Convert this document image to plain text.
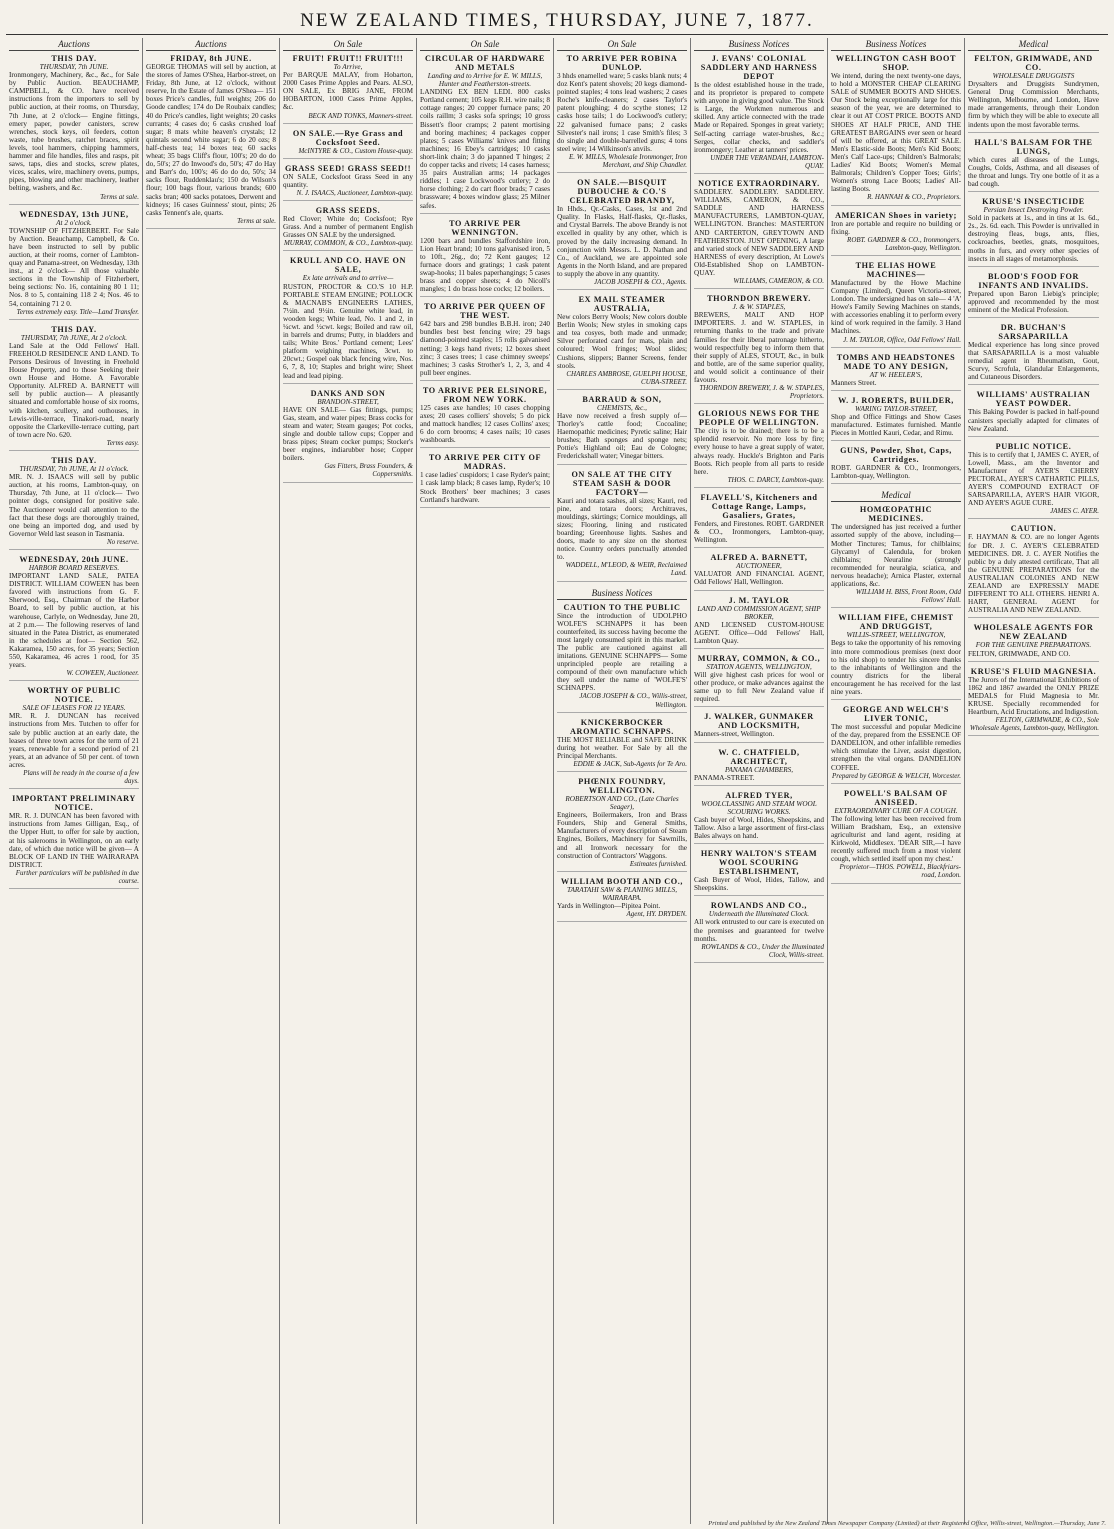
NEW ZEALAND TIMES, THURSDAY, JUNE 7, 1877.
Auctions
THIS DAY.
THURSDAY, 7th JUNE.
Ironmongery, Machinery, &c., &c., for Sale by Public Auction. BEAUCHAMP, CAMPBELL, & CO. have received instructions from the importers to sell by public auction, at their rooms, on Thursday, 7th June, at 2 o'clock— Engine fittings, emery paper, powder canisters, screw wrenches, stock keys, oil feeders, cotton waste, tube brushes, ratchet braces, spirit levels, tool hammers, chipping hammers, hammer and file handles, files and rasps, pit saws, taps, dies and stocks, screw plates, vices, scales, wire, machinery ovens, pumps, pipes, blowing and other machinery, leather belting, washers, and &c.
Terms at sale.
WEDNESDAY, 13th JUNE,
At 2 o'clock.
TOWNSHIP OF FITZHERBERT. For Sale by Auction. Beauchamp, Campbell, & Co. have been instructed to sell by public auction, at their rooms, corner of Lambton-quay and Panama-street, on Wednesday, 13th inst., at 2 o'clock— All those valuable sections in the Township of Fitzherbert, being sections: No. 16, containing 80 1 11; Nos. 8 to 5, containing 118 2 4; Nos. 46 to 54, containing 71 2 0.
Terms extremely easy. Title—Land Transfer.
THIS DAY.
THURSDAY, 7th JUNE, At 2 o'clock.
Land Sale at the Odd Fellows' Hall. FREEHOLD RESIDENCE AND LAND. To Persons Desirous of Investing in Freehold House Property, and to those Seeking their own House and Home. A Favorable Opportunity. ALFRED A. BARNETT will sell by public auction— A pleasantly situated and comfortable house of six rooms, with kitchen, scullery, and outhouses, in Lewis-ville-terrace, Tinakori-road, nearly opposite the Clarkeville-terrace cutting, part of town acre No. 620.
Terms easy.
THIS DAY.
THURSDAY, 7th JUNE, At 11 o'clock.
MR. N. J. ISAACS will sell by public auction, at his rooms, Lambton-quay, on Thursday, 7th June, at 11 o'clock— Two pointer dogs, consigned for positive sale. The Auctioneer would call attention to the fact that these dogs are thoroughly trained, one being an imported dog, and used by Governor Weld last season in Tasmania.
No reserve.
WEDNESDAY, 20th JUNE.
HARBOR BOARD RESERVES.
IMPORTANT LAND SALE, PATEA DISTRICT. WILLIAM COWEEN has been favored with instructions from G. F. Sherwood, Esq., Chairman of the Harbor Board, to sell by public auction, at his warehouse, Carlyle, on Wednesday, June 20, at 2 p.m.— The following reserves of land situated in the Patea District, as enumerated in the schedules at foot— Section 562, Kakaramea, 150 acres, for 35 years; Section 550, Kakaramea, 46 acres 1 rood, for 35 years.
W. COWEEN, Auctioneer.
WORTHY OF PUBLIC NOTICE.
SALE OF LEASES FOR 12 YEARS.
MR. R. J. DUNCAN has received instructions from Mrs. Tutchen to offer for sale by public auction at an early date, the leases of three town acres for the term of 21 years, renewable for a second period of 21 years, at an advance of 50 per cent. of town acres.
Plans will be ready in the course of a few days.
IMPORTANT PRELIMINARY NOTICE.
MR. R. J. DUNCAN has been favored with instructions from James Gilligan, Esq., of the Upper Hutt, to offer for sale by auction, at his salerooms in Wellington, on an early date, of which due notice will be given— A BLOCK OF LAND IN THE WAIRARAPA DISTRICT.
Further particulars will be published in due course.
Auctions
FRIDAY, 8th JUNE.
GEORGE THOMAS will sell by auction, at the stores of James O'Shea, Harbor-street, on Friday, 8th June, at 12 o'clock, without reserve, In the Estate of James O'Shea— 151 boxes Price's candles, full weights; 206 do Goode candles; 174 do De Roubaix candles; 40 do Price's candles, light weights; 20 casks currants; 4 cases do; 6 casks crushed loaf sugar; 8 mats white heaven's crystals; 12 quintals second white sugar; 6 do 20 ozs; 8 half-chests tea; 14 boxes tea; 60 sacks wheat; 35 bags Cliff's flour, 100's; 20 do do do, 50's; 27 do Inwood's do, 50's; 47 do Hay and Barr's do, 100's; 46 do do do, 50's; 34 sacks flour, Ruddenklau's; 150 do Wilson's flour; 100 bags flour, various brands; 600 sacks bran; 400 sacks potatoes, Derwent and kidneys; 16 cases Guinness' stout, pints; 26 casks Tennent's ale, quarts.
Terms at sale.
On Sale
FRUIT! FRUIT!! FRUIT!!!
To Arrive,
Per BARQUE MALAY, from Hobarton, 2000 Cases Prime Apples and Pears. ALSO, ON SALE, Ex BRIG JANE, FROM HOBARTON, 1000 Cases Prime Apples, &c.
BECK AND TONKS, Manners-street.
ON SALE.—Rye Grass and Cocksfoot Seed.
McINTYRE & CO., Custom House-quay.
GRASS SEED! GRASS SEED!!
ON SALE, Cocksfoot Grass Seed in any quantity.
N. J. ISAACS, Auctioneer, Lambton-quay.
GRASS SEEDS.
Red Clover; White do; Cocksfoot; Rye Grass. And a number of permanent English Grasses ON SALE by the undersigned.
MURRAY, COMMON, & CO., Lambton-quay.
KRULL AND CO. HAVE ON SALE,
Ex late arrivals and to arrive—
RUSTON, PROCTOR & CO.'S 10 H.P. PORTABLE STEAM ENGINE; POLLOCK & MACNAB'S ENGINEERS LATHES, 7½in. and 9½in. Genuine white lead, in wooden kegs; White lead, No. 1 and 2, in ¼cwt. and ½cwt. kegs; Boiled and raw oil, in barrels and drums; Putty, in bladders and tails; White Bros.' Portland cement; Lees' platform weighing machines, 3cwt. to 20cwt.; Gospel oak black fencing wire, Nos. 6, 7, 8, 10; Staples and bright wire; Sheet lead and lead piping.
DANKS AND SON
BRANDON-STREET,
HAVE ON SALE— Gas fittings, pumps; Gas, steam, and water pipes; Brass cocks for steam and water; Steam gauges; Pot cocks, single and double tallow cups; Copper and brass pipes; Steam cocker pumps; Stocker's beer engines, indiarubber hose; Copper boilers.
Gas Fitters, Brass Founders, & Coppersmiths.
On Sale
CIRCULAR OF HARDWARE AND METALS
Landing and to Arrive for E. W. MILLS, Hunter and Featherston-streets.
LANDING EX BEN LEDI. 800 casks Portland cement; 105 kegs R.H. wire nails; 8 cottage ranges; 20 copper furnace pans; 20 coils raillm; 3 casks sofa springs; 10 gross Bissett's floor cramps; 2 patent mortising and boring machines; 4 packages copper plates; 5 cases Williams' knives and fitting machines; 16 Ebey's cartridges; 10 casks short-link chain; 3 do japanned T hinges; 2 do copper tacks and rivets; 14 cases harness; 35 pairs Australian arms; 14 packages riddles; 1 case Lockwood's cutlery; 2 do horse clothing; 2 do cart floor brads; 7 cases brassware; 4 boxes window glass; 25 Milner safes.
TO ARRIVE PER WENNINGTON.
1200 bars and bundles Staffordshire iron, Lion Heart brand; 10 tons galvanised iron, 5 to 10ft., 26g., do; 72 Kent gauges; 12 furnace doors and gratings; 1 cask patent swap-hooks; 11 bales paperhangings; 5 cases brass and copper sheets; 4 do Nicoll's mangles; 1 do brass hose cocks; 12 boilers.
TO ARRIVE PER QUEEN OF THE WEST.
642 bars and 298 bundles B.B.H. iron; 240 bundles best best fencing wire; 29 bags diamond-pointed staples; 15 rolls galvanised netting; 3 kegs hand rivets; 12 boxes sheet zinc; 3 cases trees; 1 case chimney sweeps' machines; 3 casks Strother's 1, 2, 3, and 4 pull beer engines.
TO ARRIVE PER ELSINORE, FROM NEW YORK.
125 cases axe handles; 10 cases chopping axes; 20 cases colliers' shovels; 5 do pick and mattock handles; 12 cases Collins' axes; 6 do corn brooms; 4 cases nails; 10 cases washboards.
TO ARRIVE PER CITY OF MADRAS.
1 case ladies' cuspidors; 1 case Ryder's paint; 1 cask lamp black; 8 cases lamp, Ryder's; 10 Stock Brothers' beer machines; 3 cases Cortland's hardware.
On Sale
TO ARRIVE PER ROBINA DUNLOP.
3 hhds enamelled ware; 5 casks blank nuts; 4 doz Kent's patent shovels; 20 kegs diamond-pointed staples; 4 tons lead washers; 2 cases Roche's knife-cleaners; 2 cases Taylor's patent ploughing; 4 do scythe stones; 12 casks hose tails; 1 do Lockwood's cutlery; 22 galvanised furnace pans; 2 casks Silvester's nail irons; 1 case Smith's files; 3 do single and double-barrelled guns; 4 tons steel wire; 14 Wilkinson's anvils.
E. W. MILLS, Wholesale Ironmonger, Iron Merchant, and Ship Chandler.
ON SALE.—BISQUIT DUBOUCHE & CO.'S CELEBRATED BRANDY,
In Hhds., Qr.-Casks, Cases, 1st and 2nd Quality. In Flasks, Half-flasks, Qr.-flasks, and Crystal Barrels. The above Brandy is not excelled in quality by any other, which is proved by the daily increasing demand. In conjunction with Messrs. L. D. Nathan and Co., of Auckland, we are appointed sole Agents in the North Island, and are prepared to supply the above in any quantity.
JACOB JOSEPH & CO., Agents.
EX MAIL STEAMER AUSTRALIA,
New colors Berry Wools; New colors double Berlin Wools; New styles in smoking caps and tea cosyes, both made and unmade; Silver perforated card for mats, plain and coloured; Wool fringes; Wool slides; Cushions, slippers; Banner Screens, fender stools.
CHARLES AMBROSE, GUELPH HOUSE, CUBA-STREET.
BARRAUD & SON,
CHEMISTS, &c.,
Have now received a fresh supply of— Thorley's cattle food; Cocoaline; Haemopathic medicines; Pyretic saline; Hair brushes; Bath sponges and sponge nets; Pottie's Highland oil; Eau de Cologne; Frederickshall water; Vinegar bitters.
ON SALE AT THE CITY STEAM SASH & DOOR FACTORY—
Kauri and totara sashes, all sizes; Kauri, red pine, and totara doors; Architraves, mouldings, skirtings; Cornice mouldings, all sizes; Flooring, lining and rusticated boarding; Greenhouse lights. Sashes and doors, made to any size on the shortest notice. Country orders punctually attended to.
WADDELL, M'LEOD, & WEIR, Reclaimed Land.
Business Notices
CAUTION TO THE PUBLIC
Since the introduction of UDOLPHO WOLFE'S SCHNAPPS it has been counterfeited, its success having become the most largely consumed spirit in this market. The public are cautioned against all imitations. GENUINE SCHNAPPS— Some unprincipled people are retailing a compound of their own manufacture which they sell under the name of 'WOLFE'S' SCHNAPPS.
JACOB JOSEPH & CO., Willis-street, Wellington.
KNICKERBOCKER AROMATIC SCHNAPPS.
THE MOST RELIABLE and SAFE DRINK during hot weather. For Sale by all the Principal Merchants.
EDDIE & JACK, Sub-Agents for Te Aro.
PHŒNIX FOUNDRY, WELLINGTON.
ROBERTSON AND CO., (Late Charles Seager),
Engineers, Boilermakers, Iron and Brass Founders, Ship and General Smiths, Manufacturers of every description of Steam Engines, Boilers, Machinery for Sawmills, and all Ironwork necessary for the construction of Contractors' Waggons.
Estimates furnished.
WILLIAM BOOTH AND CO.,
TARATAHI SAW & PLANING MILLS, WAIRARAPA.
Yards in Wellington—Pipitea Point.
Agent, HY. DRYDEN.
Business Notices
J. EVANS' COLONIAL SADDLERY AND HARNESS DEPOT
Is the oldest established house in the trade, and its proprietor is prepared to compete with anyone in giving good value. The Stock is Large, the Workmen numerous and skilled. Any article connected with the trade Made or Repaired. Sponges in great variety; Self-acting carriage water-brushes, &c.; Serges, collar checks, and saddler's ironmongery; Leather at tanners' prices.
UNDER THE VERANDAH, LAMBTON-QUAY.
NOTICE EXTRAORDINARY.
SADDLERY. SADDLERY. SADDLERY. WILLIAMS, CAMERON, & CO., SADDLE AND HARNESS MANUFACTURERS, LAMBTON-QUAY, WELLINGTON. Branches: MASTERTON AND CARTERTON, GREYTOWN AND FEATHERSTON. JUST OPENING, A large and varied stock of NEW SADDLERY AND HARNESS of every description, At Lowe's Old-Established Shop on LAMBTON-QUAY.
WILLIAMS, CAMERON, & CO.
THORNDON BREWERY.
J. & W. STAPLES,
BREWERS, MALT AND HOP IMPORTERS. J. and W. STAPLES, in returning thanks to the trade and private families for their liberal patronage hitherto, would respectfully beg to inform them that their supply of ALES, STOUT, &c., in bulk and bottle, are of the same superior quality, and would solicit a continuance of their favours.
THORNDON BREWERY, J. & W. STAPLES, Proprietors.
GLORIOUS NEWS FOR THE PEOPLE OF WELLINGTON.
The city is to be drained; there is to be a splendid reservoir. No more loss by fire; every house to have a great supply of water, always ready. Huckle's Brighton and Paris Boots. Rich people from all parts to reside here.
THOS. C. DARCY, Lambton-quay.
FLAVELL'S, Kitcheners and Cottage Range, Lamps, Gasaliers, Grates,
Fenders, and Firestones. ROBT. GARDNER & CO., Ironmongers, Lambton-quay, Wellington.
ALFRED A. BARNETT,
AUCTIONEER,
VALUATOR AND FINANCIAL AGENT, Odd Fellows' Hall, Wellington.
J. M. TAYLOR
LAND AND COMMISSION AGENT, SHIP BROKER,
AND LICENSED CUSTOM-HOUSE AGENT. Office—Odd Fellows' Hall, Lambton Quay.
MURRAY, COMMON, & CO.,
STATION AGENTS, WELLINGTON,
Will give highest cash prices for wool or other produce, or make advances against the same up to full New Zealand value if required.
J. WALKER, GUNMAKER AND LOCKSMITH,
Manners-street, Wellington.
W. C. CHATFIELD, ARCHITECT,
PANAMA CHAMBERS,
PANAMA-STREET.
ALFRED TYER,
WOOLCLASSING AND STEAM WOOL SCOURING WORKS.
Cash buyer of Wool, Hides, Sheepskins, and Tallow. Also a large assortment of first-class Bales always on hand.
HENRY WALTON'S STEAM WOOL SCOURING ESTABLISHMENT,
Cash Buyer of Wool, Hides, Tallow, and Sheepskins.
ROWLANDS AND CO.,
Underneath the Illuminated Clock.
All work entrusted to our care is executed on the premises and guaranteed for twelve months.
ROWLANDS & CO., Under the Illuminated Clock, Willis-street.
Business Notices
WELLINGTON CASH BOOT SHOP.
We intend, during the next twenty-one days, to hold a MONSTER CHEAP CLEARING SALE of SUMMER BOOTS AND SHOES. Our Stock being exceptionally large for this season of the year, we are determined to clear it out AT COST PRICE. BOOTS AND SHOES AT HALF PRICE, AND THE GREATEST BARGAINS ever seen or heard of will be offered, at this GREAT SALE. Men's Elastic-side Boots; Men's Kid Boots; Men's Calf Lace-ups; Children's Balmorals; Ladies' Kid Boots; Women's Memal Balmorals; Children's Copper Toes; Girls'; Women's strong Lace Boots; Ladies' All-lasting Boots.
R. HANNAH & CO., Proprietors.
AMERICAN Shoes in variety;
Iron are portable and require no building or fixing.
ROBT. GARDNER & CO., Ironmongers, Lambton-quay, Wellington.
THE ELIAS HOWE MACHINES—
Manufactured by the Howe Machine Company (Limited), Queen Victoria-street, London. The undersigned has on sale— 4 'A' Howe's Family Sewing Machines on stands, with accessories enabling it to perform every kind of work required in the family. 3 Hand Machines.
J. M. TAYLOR, Office, Odd Fellows' Hall.
TOMBS AND HEADSTONES MADE TO ANY DESIGN,
AT W. HEELER'S,
Manners Street.
W. J. ROBERTS, BUILDER,
WARING TAYLOR-STREET,
Shop and Office Fittings and Show Cases manufactured. Estimates furnished. Mantle Pieces in Mottled Kauri, Cedar, and Rimu.
GUNS, Powder, Shot, Caps, Cartridges.
ROBT. GARDNER & CO., Ironmongers, Lambton-quay, Wellington.
Medical
HOMŒOPATHIC MEDICINES.
The undersigned has just received a further assorted supply of the above, including— Mother Tinctures; Tamus, for chilblains; Glycamyl of Calendula, for broken chilblains; Neuraline (strongly recommended for neuralgia, sciatica, and nervous headache); Arnica Plaster, external applications, &c.
WILLIAM H. BISS, Front Room, Odd Fellows' Hall.
WILLIAM FIFE, CHEMIST AND DRUGGIST,
WILLIS-STREET, WELLINGTON,
Begs to take the opportunity of his removing into more commodious premises (next door to his old shop) to tender his sincere thanks to the inhabitants of Wellington and the country districts for the liberal encouragement he has received for the last nine years.
GEORGE AND WELCH'S LIVER TONIC,
The most successful and popular Medicine of the day, prepared from the ESSENCE OF DANDELION, and other infallible remedies which stimulate the Liver, assist digestion, strengthen the vital organs. DANDELION COFFEE.
Prepared by GEORGE & WELCH, Worcester.
POWELL'S BALSAM OF ANISEED.
EXTRAORDINARY CURE OF A COUGH.
The following letter has been received from William Bradsham, Esq., an extensive agriculturist and land agent, residing at Kirkwold, Middlesex. 'DEAR SIR,—I have recently suffered much from a most violent cough, which settled itself upon my chest.'
Proprietor—THOS. POWELL, Blackfriars-road, London.
Medical
FELTON, GRIMWADE, AND CO.
WHOLESALE DRUGGISTS
Drysalters and Druggists Sundrymen, General Drug Commission Merchants, Wellington, Melbourne, and London, Have made arrangements, through their London firm by which they will be able to execute all indents upon the most favorable terms.
HALL'S BALSAM FOR THE LUNGS,
which cures all diseases of the Lungs, Coughs, Colds, Asthma, and all diseases of the throat and lungs. Try one bottle of it as a bad cough.
KRUSE'S INSECTICIDE
Persian Insect Destroying Powder.
Sold in packets at 1s., and in tins at 1s. 6d., 2s., 2s. 6d. each. This Powder is unrivalled in destroying fleas, bugs, ants, flies, cockroaches, beetles, gnats, mosquitoes, moths in furs, and every other species of insects in all stages of metamorphosis.
BLOOD'S FOOD FOR INFANTS AND INVALIDS.
Prepared upon Baron Liebig's principle; approved and recommended by the most eminent of the Medical Profession.
DR. BUCHAN'S SARSAPARILLA
Medical experience has long since proved that SARSAPARILLA is a most valuable remedial agent in Rheumatism, Gout, Scurvy, Scrofula, Glandular Enlargements, and Cutaneous Disorders.
WILLIAMS' AUSTRALIAN YEAST POWDER.
This Baking Powder is packed in half-pound canisters specially adapted for climates of New Zealand.
PUBLIC NOTICE.
This is to certify that I, JAMES C. AYER, of Lowell, Mass., am the Inventor and Manufacturer of AYER'S CHERRY PECTORAL, AYER'S CATHARTIC PILLS, AYER'S COMPOUND EXTRACT OF SARSAPARILLA, AYER'S HAIR VIGOR, AND AYER'S AGUE CURE.
JAMES C. AYER.
CAUTION.
F. HAYMAN & CO. are no longer Agents for DR. J. C. AYER'S CELEBRATED MEDICINES. DR. J. C. AYER Notifies the public by a duly attested certificate, That all the GENUINE PREPARATIONS for the AUSTRALIAN COLONIES AND NEW ZEALAND are EXPRESSLY MADE DIFFERENT TO ALL OTHERS. HENRI A. HART, GENERAL AGENT for AUSTRALIA AND NEW ZEALAND.
WHOLESALE AGENTS FOR NEW ZEALAND
FOR THE GENUINE PREPARATIONS.
FELTON, GRIMWADE, AND CO.
KRUSE'S FLUID MAGNESIA.
The Jurors of the International Exhibitions of 1862 and 1867 awarded the ONLY PRIZE MEDALS for Fluid Magnesia to Mr. KRUSE. Specially recommended for Heartburn, Acid Eructations, and Indigestion.
FELTON, GRIMWADE, & CO., Sole Wholesale Agents, Lambton-quay, Wellington.
Printed and published by the New Zealand Times Newspaper Company (Limited) at their Registered Office, Willis-street, Wellington.—Thursday, June 7.
